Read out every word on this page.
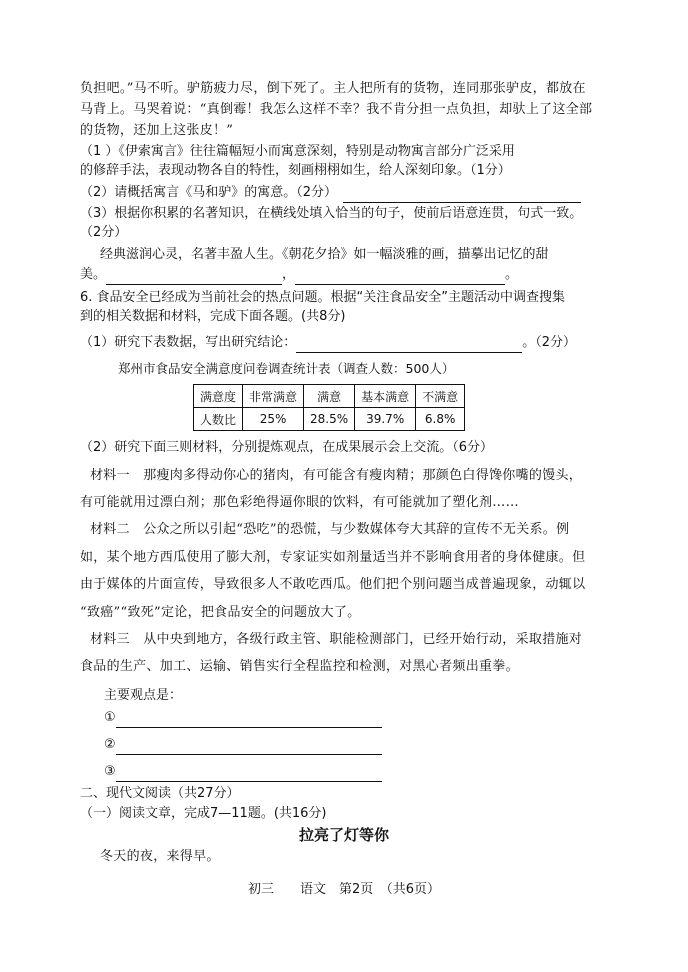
负担吧。”马不听。驴筋疲力尽，倒下死了。主人把所有的货物，连同那张驴皮，都放在
马背上。马哭着说：“真倒霉！我怎么这样不幸？我不肯分担一点负担，却驮上了这全部
的货物，还加上这张皮！”
（1 ）《伊索寓言》往往篇幅短小而寓意深刻，特别是动物寓言部分广泛采用
的修辞手法，表现动物各自的特性，刻画栩栩如生，给人深刻印象。（1分）
（2）请概括寓言《马和驴》的寓意。（2分）
（3）根据你积累的名著知识，在横线处填入恰当的句子，使前后语意连贯，句式一致。
（2分）
经典滋润心灵，名著丰盈人生。《朝花夕拾》如一幅淡雅的画，描摹出记忆的甜
美。	，	。
6. 食品安全已经成为当前社会的热点问题。根据“关注食品安全”主题活动中调查搜集
到的相关数据和材料，完成下面各题。(共8分)
（1）研究下表数据，写出研究结论：	。（2分）
郑州市食品安全满意度问卷调查统计表（调查人数：500人）
满意度	非常满意	满意	基本满意	不满意
人数比	25%	28.5%	39.7%	6.8%
（2）研究下面三则材料，分别提炼观点，在成果展示会上交流。（6分）
材料一　那瘦肉多得动你心的猪肉，有可能含有瘦肉精；那颜色白得馋你嘴的馒头，
有可能就用过漂白剂；那色彩绝得逼你眼的饮料，有可能就加了塑化剂……
材料二　公众之所以引起“恐吃”的恐慌，与少数媒体夸大其辞的宣传不无关系。例
如，某个地方西瓜使用了膨大剂，专家证实如剂量适当并不影响食用者的身体健康。但
由于媒体的片面宣传，导致很多人不敢吃西瓜。他们把个别问题当成普遍现象，动辄以
“致癌”“致死”定论，把食品安全的问题放大了。
材料三　从中央到地方，各级行政主管、职能检测部门，已经开始行动，采取措施对
食品的生产、加工、运输、销售实行全程监控和检测，对黑心者频出重拳。
主要观点是：
①
②
③
二、现代文阅读（共27分）
（一）阅读文章，完成7—11题。(共16分)
拉亮了灯等你
冬天的夜，来得早。
初三　　语文　第2页　（共6页）
